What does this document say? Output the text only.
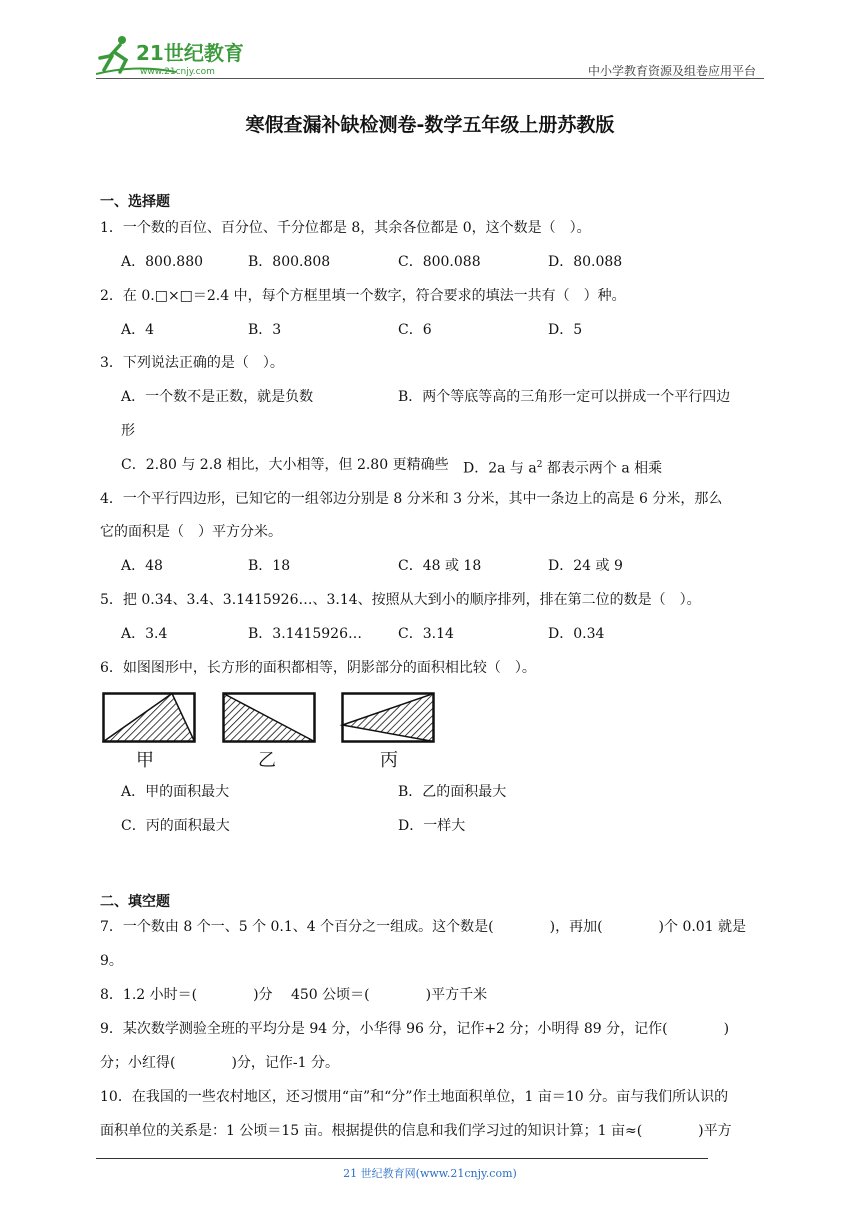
21世纪教育
www.21cnjy.com	中小学教育资源及组卷应用平台
寒假查漏补缺检测卷-数学五年级上册苏教版
一、选择题
1．一个数的百位、百分位、千分位都是 8，其余各位都是 0，这个数是（　）。
A．800.880	B．800.808	C．800.088	D．80.088
2．在 0.□×□＝2.4 中，每个方框里填一个数字，符合要求的填法一共有（　）种。
A．4	B．3	C．6	D．5
3．下列说法正确的是（　）。
A．一个数不是正数，就是负数	B．两个等底等高的三角形一定可以拼成一个平行四边
形
C．2.80 与 2.8 相比，大小相等，但 2.80 更精确些 D．2a 与 $a^2$ 都表示两个 a 相乘
4．一个平行四边形，已知它的一组邻边分别是 8 分米和 3 分米，其中一条边上的高是 6 分米，那么
它的面积是（　）平方分米。
A．48	B．18	C．48 或 18	D．24 或 9
5．把 0.34、3.4、3.1415926…、3.14、按照从大到小的顺序排列，排在第二位的数是（　）。
A．3.4	B．3.1415926…	C．3.14	D．0.34
6．如图图形中，长方形的面积都相等，阴影部分的面积相比较（　）。
甲	乙	丙
A．甲的面积最大	B．乙的面积最大
C．丙的面积最大	D．一样大
二、填空题
7．一个数由 8 个一、5 个 0.1、4 个百分之一组成。这个数是(　　　　)，再加(　　　　)个 0.01 就是
9。
8．1.2 小时＝(　　　　)分　 450 公顷＝(　　　　)平方千米
9．某次数学测验全班的平均分是 94 分，小华得 96 分，记作+2 分；小明得 89 分，记作(　　　　)
分；小红得(　　　　)分，记作-1 分。
10．在我国的一些农村地区，还习惯用“亩”和“分”作土地面积单位，1 亩＝10 分。亩与我们所认识的
面积单位的关系是：1 公顷＝15 亩。根据提供的信息和我们学习过的知识计算；1 亩≈(　　　　)平方
21 世纪教育网(www.21cnjy.com)
